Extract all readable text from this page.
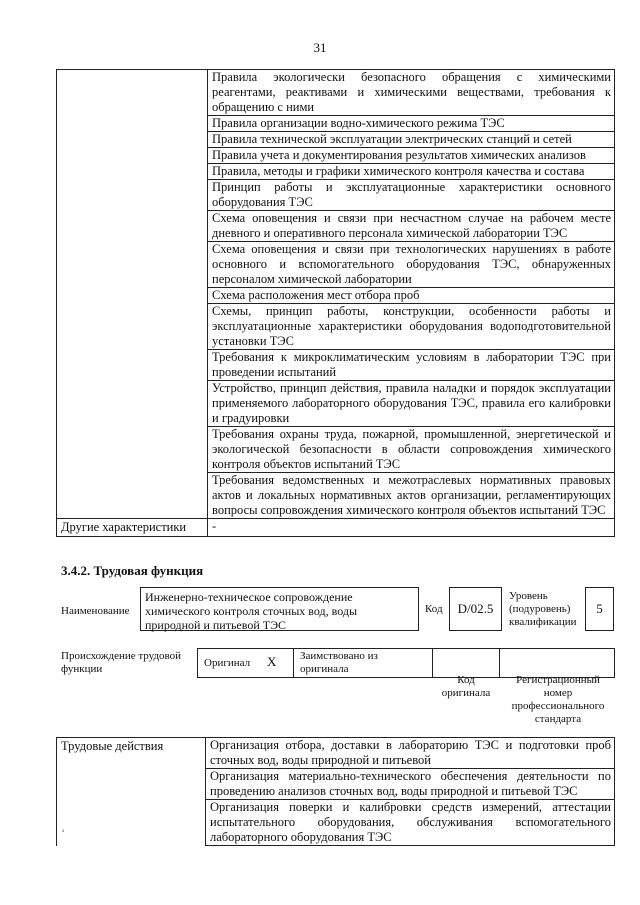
31
	Правила экологически безопасного обращения с химическими реагентами, реактивами и химическими веществами, требования к обращению с ними
	Правила организации водно-химического режима ТЭС
	Правила технической эксплуатации электрических станций и сетей
	Правила учета и документирования результатов химических анализов
	Правила, методы и графики химического контроля качества и состава
	Принцип работы и эксплуатационные характеристики основного оборудования ТЭС
	Схема оповещения и связи при несчастном случае на рабочем месте дневного и оперативного персонала химической лаборатории ТЭС
	Схема оповещения и связи при технологических нарушениях в работе основного и вспомогательного оборудования ТЭС, обнаруженных персоналом химической лаборатории
	Схема расположения мест отбора проб
	Схемы, принцип работы, конструкции, особенности работы и эксплуатационные характеристики оборудования водоподготовительной установки ТЭС
	Требования к микроклиматическим условиям в лаборатории ТЭС при проведении испытаний
	Устройство, принцип действия, правила наладки и порядок эксплуатации применяемого лабораторного оборудования ТЭС, правила его калибровки и градуировки
	Требования охраны труда, пожарной, промышленной, энергетической и экологической безопасности в области сопровождения химического контроля объектов испытаний ТЭС
	Требования ведомственных и межотраслевых нормативных правовых актов и локальных нормативных актов организации, регламентирующих вопросы сопровождения химического контроля объектов испытаний ТЭС
Другие характеристики	-
3.4.2. Трудовая функция
Наименование
Инженерно-техническое сопровождение химического контроля сточных вод, воды природной и питьевой ТЭС
Код D/02.5
Уровень (подуровень) квалификации
5
Происхождение трудовой функции	Оригинал X Заимствовано из оригинала
Код оригинала
Регистрационный номер профессионального стандарта
Трудовые действия	Организация отбора, доставки в лабораторию ТЭС и подготовки проб сточных вод, воды природной и питьевой
Организация материально-технического обеспечения деятельности по проведению анализов сточных вод, воды природной и питьевой ТЭС
Организация поверки и калибровки средств измерений, аттестации испытательного оборудования, обслуживания вспомогательного лабораторного оборудования ТЭС
ₐ
